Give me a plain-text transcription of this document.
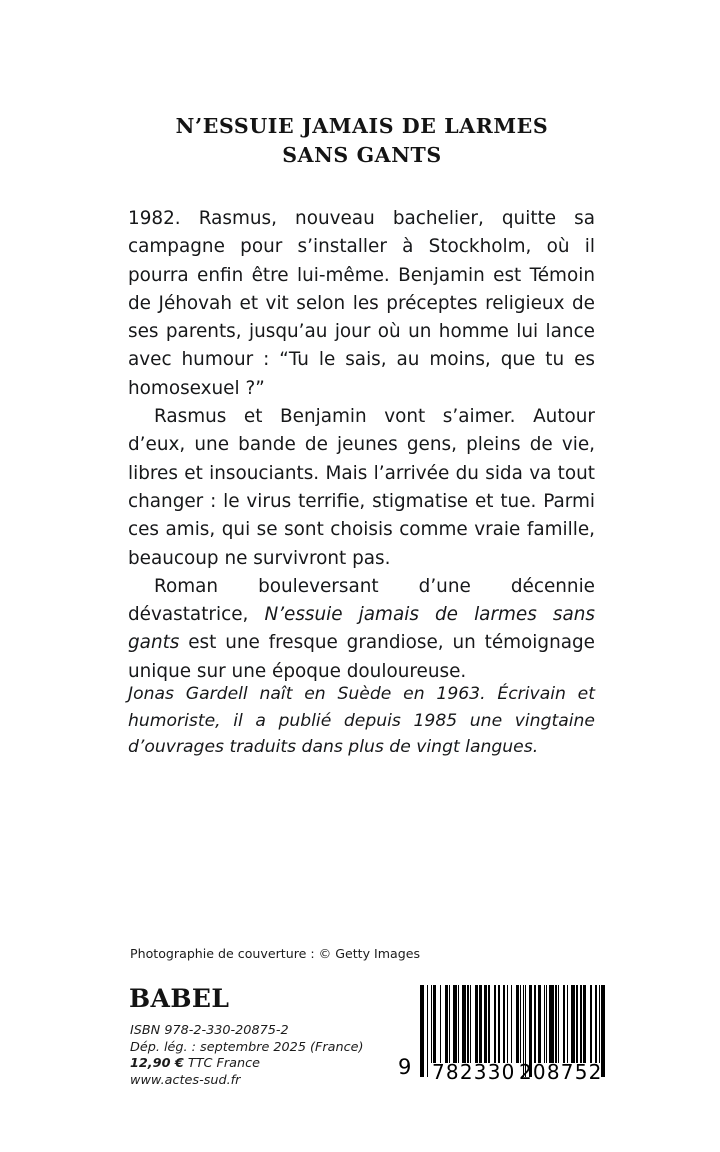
N’ESSUIE JAMAIS DE LARMES
SANS GANTS

1982. Rasmus, nouveau bachelier, quitte sa campagne pour s’installer à Stockholm, où il pourra enfin être lui-même. Benjamin est Témoin de Jéhovah et vit selon les préceptes religieux de ses parents, jusqu’au jour où un homme lui lance avec humour : “Tu le sais, au moins, que tu es homosexuel ?”

Rasmus et Benjamin vont s’aimer. Autour d’eux, une bande de jeunes gens, pleins de vie, libres et insouciants. Mais l’arrivée du sida va tout changer : le virus terrifie, stigmatise et tue. Parmi ces amis, qui se sont choisis comme vraie famille, beaucoup ne survivront pas.

Roman bouleversant d’une décennie dévastatrice, N’essuie jamais de larmes sans gants est une fresque grandiose, un témoignage unique sur une époque douloureuse.

Jonas Gardell naît en Suède en 1963. Écrivain et humoriste, il a publié depuis 1985 une vingtaine d’ouvrages traduits dans plus de vingt langues.

Photographie de couverture : © Getty Images
BABEL
ISBN 978-2-330-20875-2
Dép. lég. : septembre 2025 (France)
12,90 € TTC France
www.actes-sud.fr
9 782330 208752
